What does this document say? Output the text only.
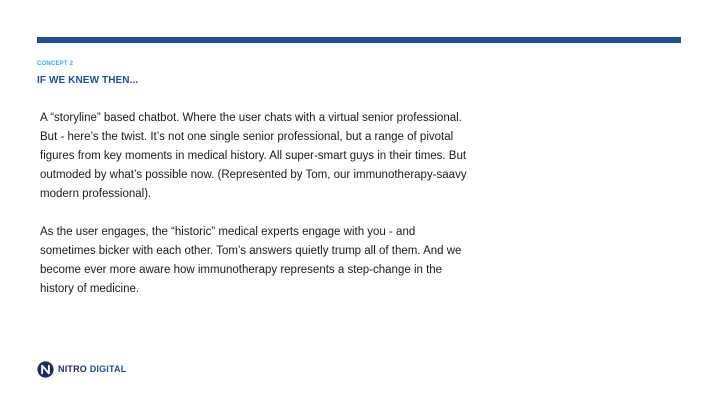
CONCEPT 2
IF WE KNEW THEN...
A “storyline” based chatbot. Where the user chats with a virtual senior professional. But - here’s the twist. It’s not one single senior professional, but a range of pivotal figures from key moments in medical history. All super-smart guys in their times. But outmoded by what’s possible now. (Represented by Tom, our immunotherapy-saavy modern professional).
As the user engages, the “historic” medical experts engage with you - and sometimes bicker with each other. Tom’s answers quietly trump all of them. And we become ever more aware how immunotherapy represents a step-change in the history of medicine.
NITRO DIGITAL
